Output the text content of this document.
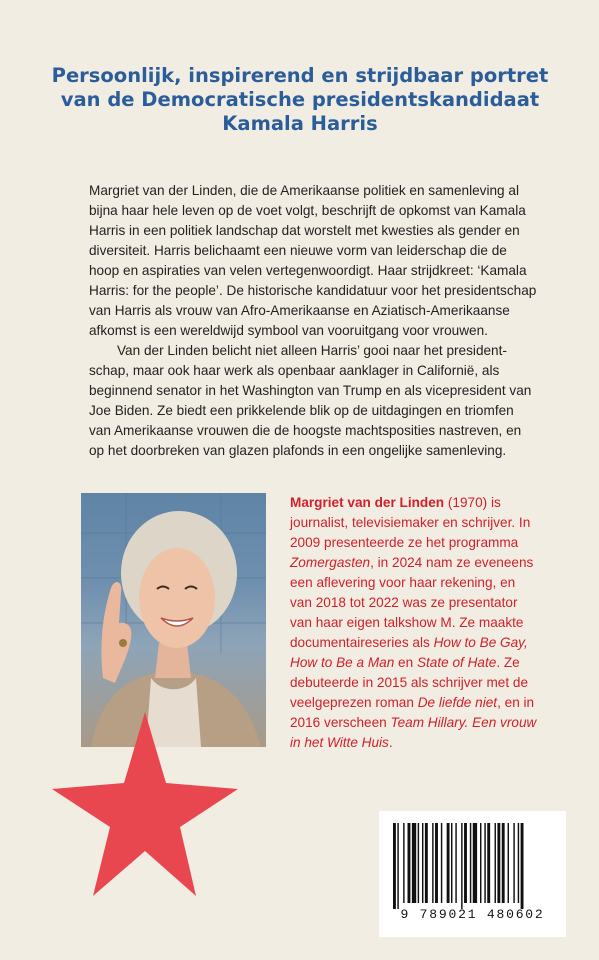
Persoonlijk, inspirerend en strijdbaar portret
van de Democratische presidentskandidaat
Kamala Harris
Margriet van der Linden, die de Amerikaanse politiek en samenleving al
bijna haar hele leven op de voet volgt, beschrijft de opkomst van Kamala
Harris in een politiek landschap dat worstelt met kwesties als gender en
diversiteit. Harris belichaamt een nieuwe vorm van leiderschap die de
hoop en aspiraties van velen vertegenwoordigt. Haar strijdkreet: ‘Kamala
Harris: for the people’. De historische kandidatuur voor het presidentschap
van Harris als vrouw van Afro-Amerikaanse en Aziatisch-Amerikaanse
afkomst is een wereldwijd symbool van vooruitgang voor vrouwen.
Van der Linden belicht niet alleen Harris’ gooi naar het president-
schap, maar ook haar werk als openbaar aanklager in Californië, als
beginnend senator in het Washington van Trump en als vicepresident van
Joe Biden. Ze biedt een prikkelende blik op de uitdagingen en triomfen
van Amerikaanse vrouwen die de hoogste machtsposities nastreven, en
op het doorbreken van glazen plafonds in een ongelijke samenleving.
Margriet van der Linden (1970) is
journalist, televisiemaker en schrijver. In
2009 presenteerde ze het programma
Zomergasten, in 2024 nam ze eveneens
een aflevering voor haar rekening, en
van 2018 tot 2022 was ze presentator
van haar eigen talkshow M. Ze maakte
documentaireseries als How to Be Gay,
How to Be a Man en State of Hate. Ze
debuteerde in 2015 als schrijver met de
veelgeprezen roman De liefde niet, en in
2016 verscheen Team Hillary. Een vrouw
in het Witte Huis.
9 789021 480602
